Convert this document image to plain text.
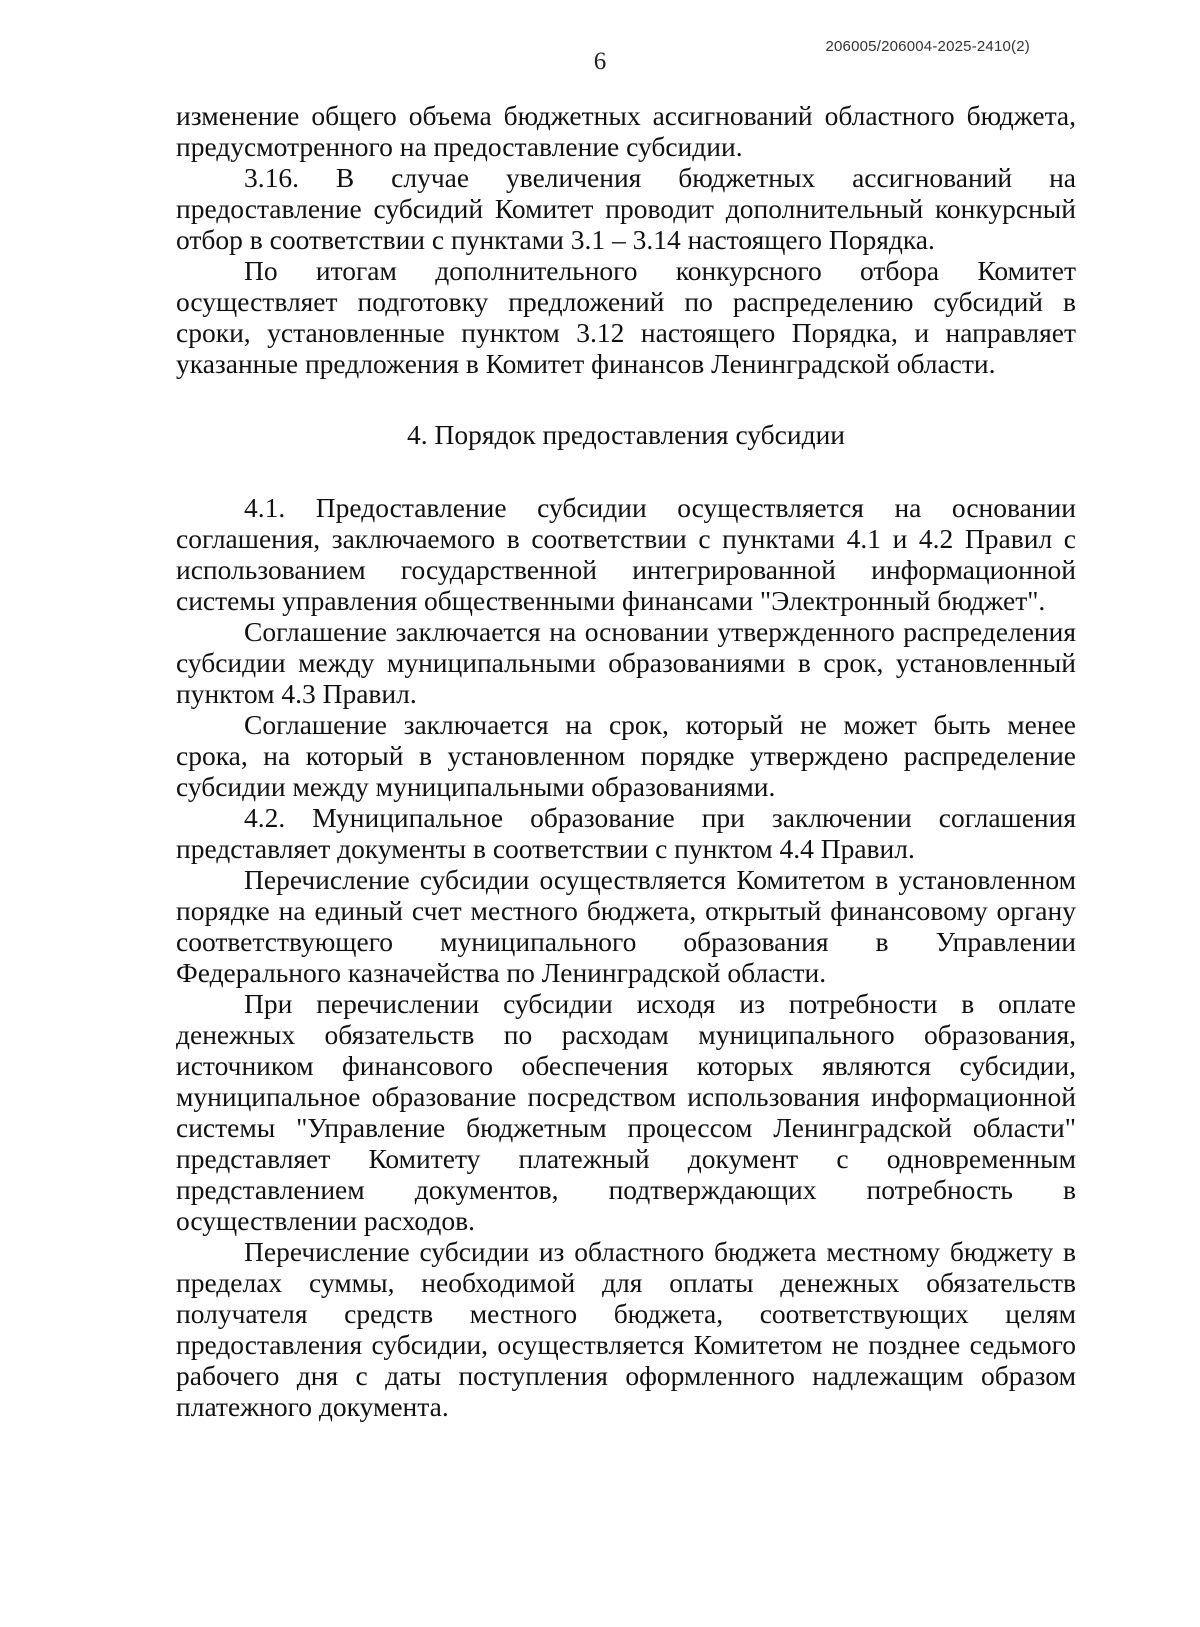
206005/206004-2025-2410(2)
6

изменение общего объема бюджетных ассигнований областного бюджета, предусмотренного на предоставление субсидии.

3.16. В случае увеличения бюджетных ассигнований на предоставление субсидий Комитет проводит дополнительный конкурсный отбор в соответствии с пунктами 3.1 – 3.14 настоящего Порядка.

По итогам дополнительного конкурсного отбора Комитет осуществляет подготовку предложений по распределению субсидий в сроки, установленные пунктом 3.12 настоящего Порядка, и направляет указанные предложения в Комитет финансов Ленинградской области.

4. Порядок предоставления субсидии

4.1. Предоставление субсидии осуществляется на основании соглашения, заключаемого в соответствии с пунктами 4.1 и 4.2 Правил с использованием государственной интегрированной информационной системы управления общественными финансами "Электронный бюджет".

Соглашение заключается на основании утвержденного распределения субсидии между муниципальными образованиями в срок, установленный пунктом 4.3 Правил.

Соглашение заключается на срок, который не может быть менее срока, на который в установленном порядке утверждено распределение субсидии между муниципальными образованиями.

4.2. Муниципальное образование при заключении соглашения представляет документы в соответствии с пунктом 4.4 Правил.

Перечисление субсидии осуществляется Комитетом в установленном порядке на единый счет местного бюджета, открытый финансовому органу соответствующего муниципального образования в Управлении Федерального казначейства по Ленинградской области.

При перечислении субсидии исходя из потребности в оплате денежных обязательств по расходам муниципального образования, источником финансового обеспечения которых являются субсидии, муниципальное образование посредством использования информационной системы "Управление бюджетным процессом Ленинградской области" представляет Комитету платежный документ с одновременным представлением документов, подтверждающих потребность в осуществлении расходов.

Перечисление субсидии из областного бюджета местному бюджету в пределах суммы, необходимой для оплаты денежных обязательств получателя средств местного бюджета, соответствующих целям предоставления субсидии, осуществляется Комитетом не позднее седьмого рабочего дня с даты поступления оформленного надлежащим образом платежного документа.
